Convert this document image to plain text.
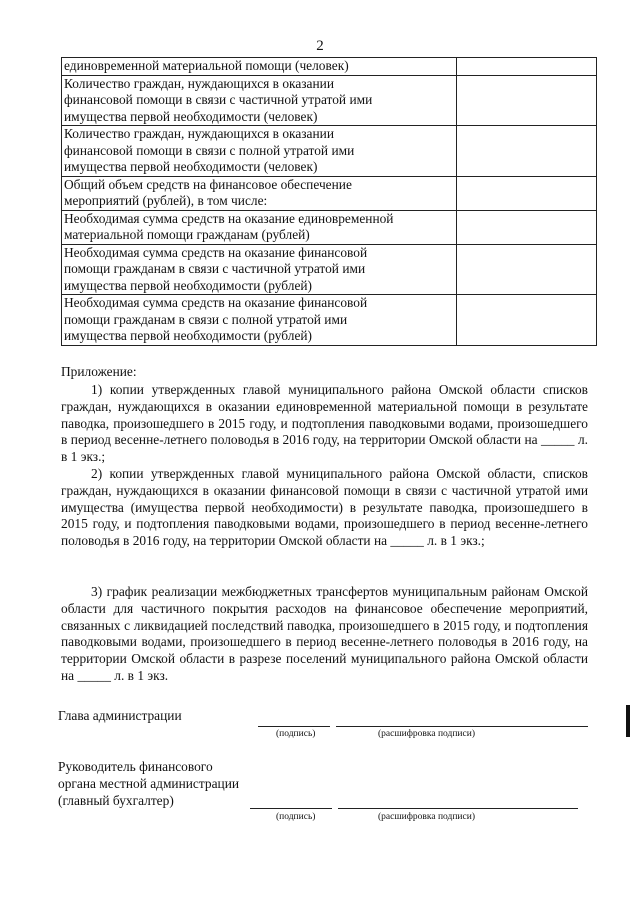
2
единовременной материальной помощи (человек)	

Количество граждан, нуждающихся в оказании
финансовой помощи в связи с частичной утратой ими
имущества первой необходимости (человек)	

Количество граждан, нуждающихся в оказании
финансовой помощи в связи с полной утратой ими
имущества первой необходимости (человек)	

Общий объем средств на финансовое обеспечение
мероприятий (рублей), в том числе:	

Необходимая сумма средств на оказание единовременной
материальной помощи гражданам (рублей)	

Необходимая сумма средств на оказание финансовой
помощи гражданам в связи с частичной утратой ими
имущества первой необходимости (рублей)	

Необходимая сумма средств на оказание финансовой
помощи гражданам в связи с полной утратой ими
имущества первой необходимости (рублей)	

Приложение:
1) копии утвержденных главой муниципального района Омской области списков граждан, нуждающихся в оказании единовременной материальной помощи в результате паводка, произошедшего в 2015 году, и подтопления паводковыми водами, произошедшего в период весенне-летнего половодья в 2016 году, на территории Омской области на _____ л. в 1 экз.;
2) копии утвержденных главой муниципального района Омской области, списков граждан, нуждающихся в оказании финансовой помощи в связи с частичной утратой ими имущества (имущества первой необходимости) в результате паводка, произошедшего в 2015 году, и подтопления паводковыми водами, произошедшего в период весенне-летнего половодья в 2016 году, на территории Омской области на _____ л. в 1 экз.;
3) график реализации межбюджетных трансфертов муниципальным районам Омской области для частичного покрытия расходов на финансовое обеспечение мероприятий, связанных с ликвидацией последствий паводка, произошедшего в 2015 году, и подтопления паводковыми водами, произошедшего в период весенне-летнего половодья в 2016 году, на территории Омской области в разрезе поселений муниципального района Омской области на _____ л. в 1 экз.
Глава администрации
(подпись)	(расшифровка подписи)
Руководитель финансового
органа местной администрации
(главный бухгалтер)
(подпись)	(расшифровка подписи)
